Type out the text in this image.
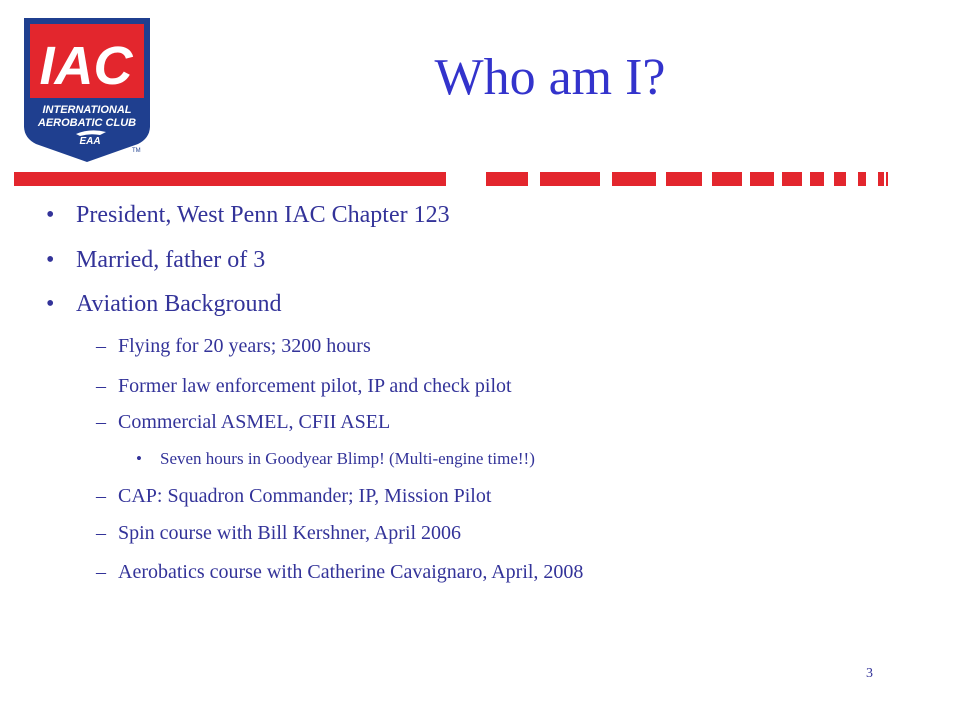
IAC
INTERNATIONAL
AEROBATIC CLUB
EAA
TM
Who am I?
• President, West Penn IAC Chapter 123
• Married, father of 3
• Aviation Background
– Flying for 20 years; 3200 hours
– Former law enforcement pilot, IP and check pilot
– Commercial ASMEL, CFII ASEL
• Seven hours in Goodyear Blimp! (Multi-engine time!!)
– CAP: Squadron Commander; IP, Mission Pilot
– Spin course with Bill Kershner, April 2006
– Aerobatics course with Catherine Cavaignaro, April, 2008
3
